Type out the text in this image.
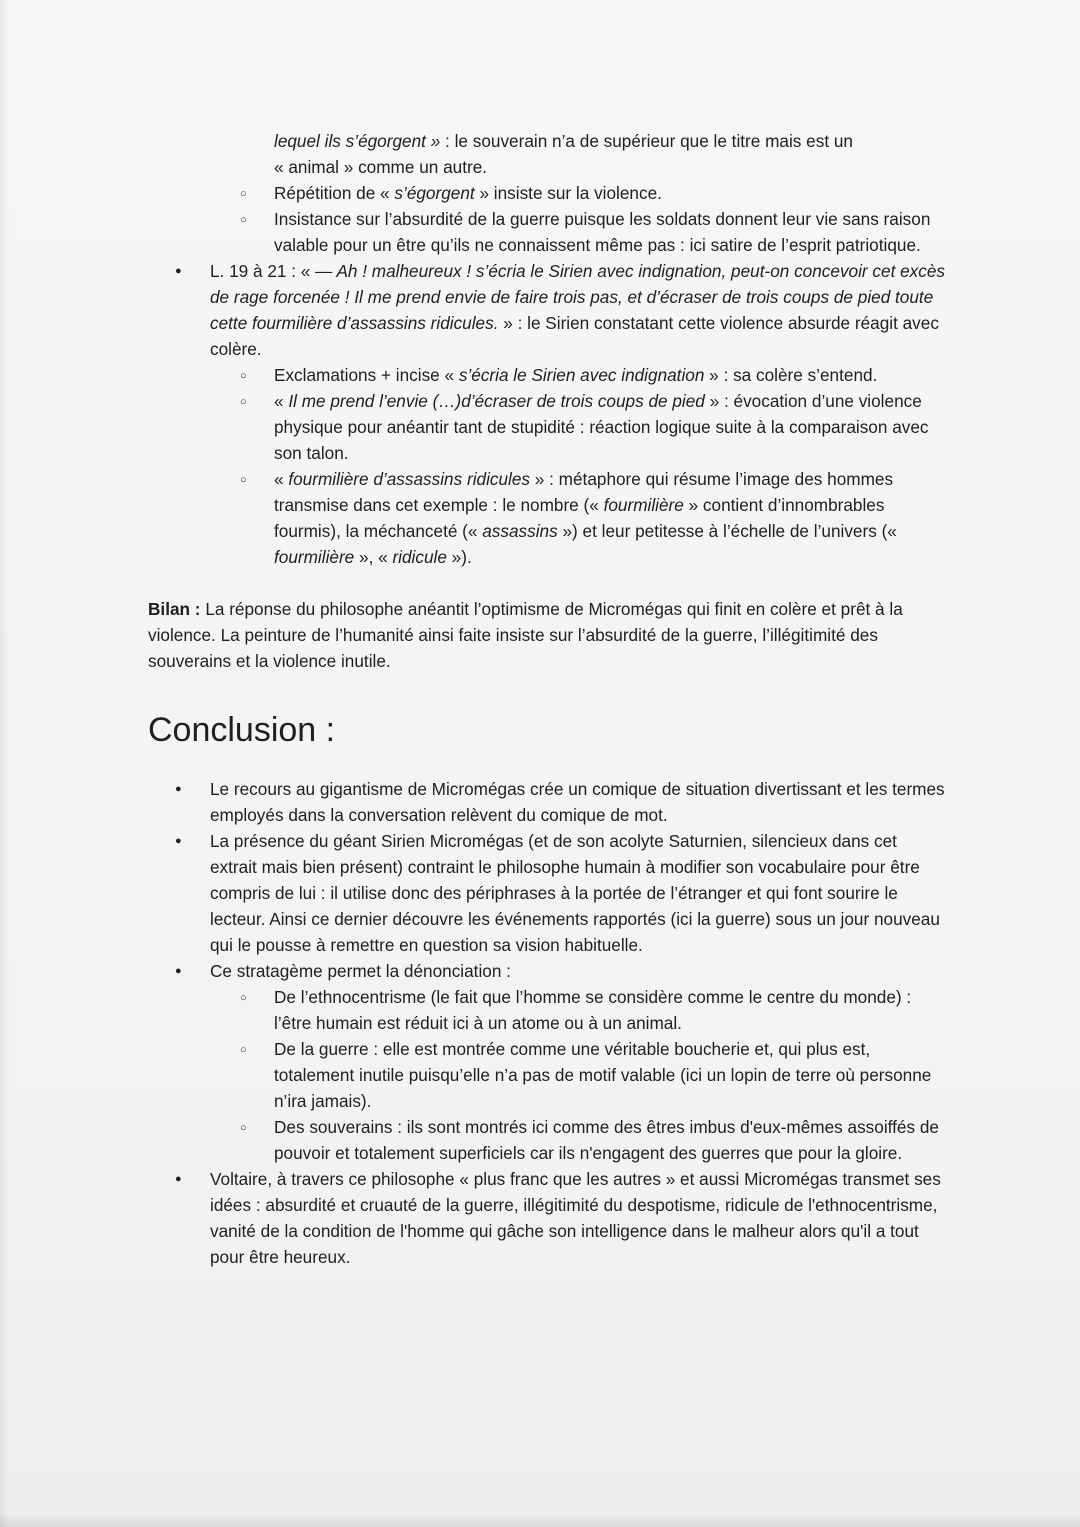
lequel ils s’égorgent » : le souverain n’a de supérieur que le titre mais est un
« animal » comme un autre.
○ Répétition de « s’égorgent » insiste sur la violence.
○ Insistance sur l’absurdité de la guerre puisque les soldats donnent leur vie sans raison valable pour un être qu’ils ne connaissent même pas : ici satire de l’esprit patriotique.
● L. 19 à 21 : « — Ah ! malheureux ! s’écria le Sirien avec indignation, peut-on concevoir cet excès de rage forcenée ! Il me prend envie de faire trois pas, et d’écraser de trois coups de pied toute cette fourmilière d’assassins ridicules. » : le Sirien constatant cette violence absurde réagit avec colère.
○ Exclamations + incise « s’écria le Sirien avec indignation » : sa colère s’entend.
○ « Il me prend l’envie (…)d’écraser de trois coups de pied » : évocation d’une violence physique pour anéantir tant de stupidité : réaction logique suite à la comparaison avec son talon.
○ « fourmilière d’assassins ridicules » : métaphore qui résume l’image des hommes transmise dans cet exemple : le nombre (« fourmilière » contient d’innombrables fourmis), la méchanceté (« assassins ») et leur petitesse à l’échelle de l’univers (« fourmilière », « ridicule »).

Bilan : La réponse du philosophe anéantit l’optimisme de Micromégas qui finit en colère et prêt à la violence. La peinture de l’humanité ainsi faite insiste sur l’absurdité de la guerre, l’illégitimité des souverains et la violence inutile.

Conclusion :
● Le recours au gigantisme de Micromégas crée un comique de situation divertissant et les termes employés dans la conversation relèvent du comique de mot.
● La présence du géant Sirien Micromégas (et de son acolyte Saturnien, silencieux dans cet extrait mais bien présent) contraint le philosophe humain à modifier son vocabulaire pour être compris de lui : il utilise donc des périphrases à la portée de l’étranger et qui font sourire le lecteur. Ainsi ce dernier découvre les événements rapportés (ici la guerre) sous un jour nouveau qui le pousse à remettre en question sa vision habituelle.
● Ce stratagème permet la dénonciation :
○ De l’ethnocentrisme (le fait que l’homme se considère comme le centre du monde) : l’être humain est réduit ici à un atome ou à un animal.
○ De la guerre : elle est montrée comme une véritable boucherie et, qui plus est, totalement inutile puisqu’elle n’a pas de motif valable (ici un lopin de terre où personne n’ira jamais).
○ Des souverains : ils sont montrés ici comme des êtres imbus d'eux-mêmes assoiffés de pouvoir et totalement superficiels car ils n'engagent des guerres que pour la gloire.
● Voltaire, à travers ce philosophe « plus franc que les autres » et aussi Micromégas transmet ses idées : absurdité et cruauté de la guerre, illégitimité du despotisme, ridicule de l'ethnocentrisme, vanité de la condition de l'homme qui gâche son intelligence dans le malheur alors qu'il a tout pour être heureux.
